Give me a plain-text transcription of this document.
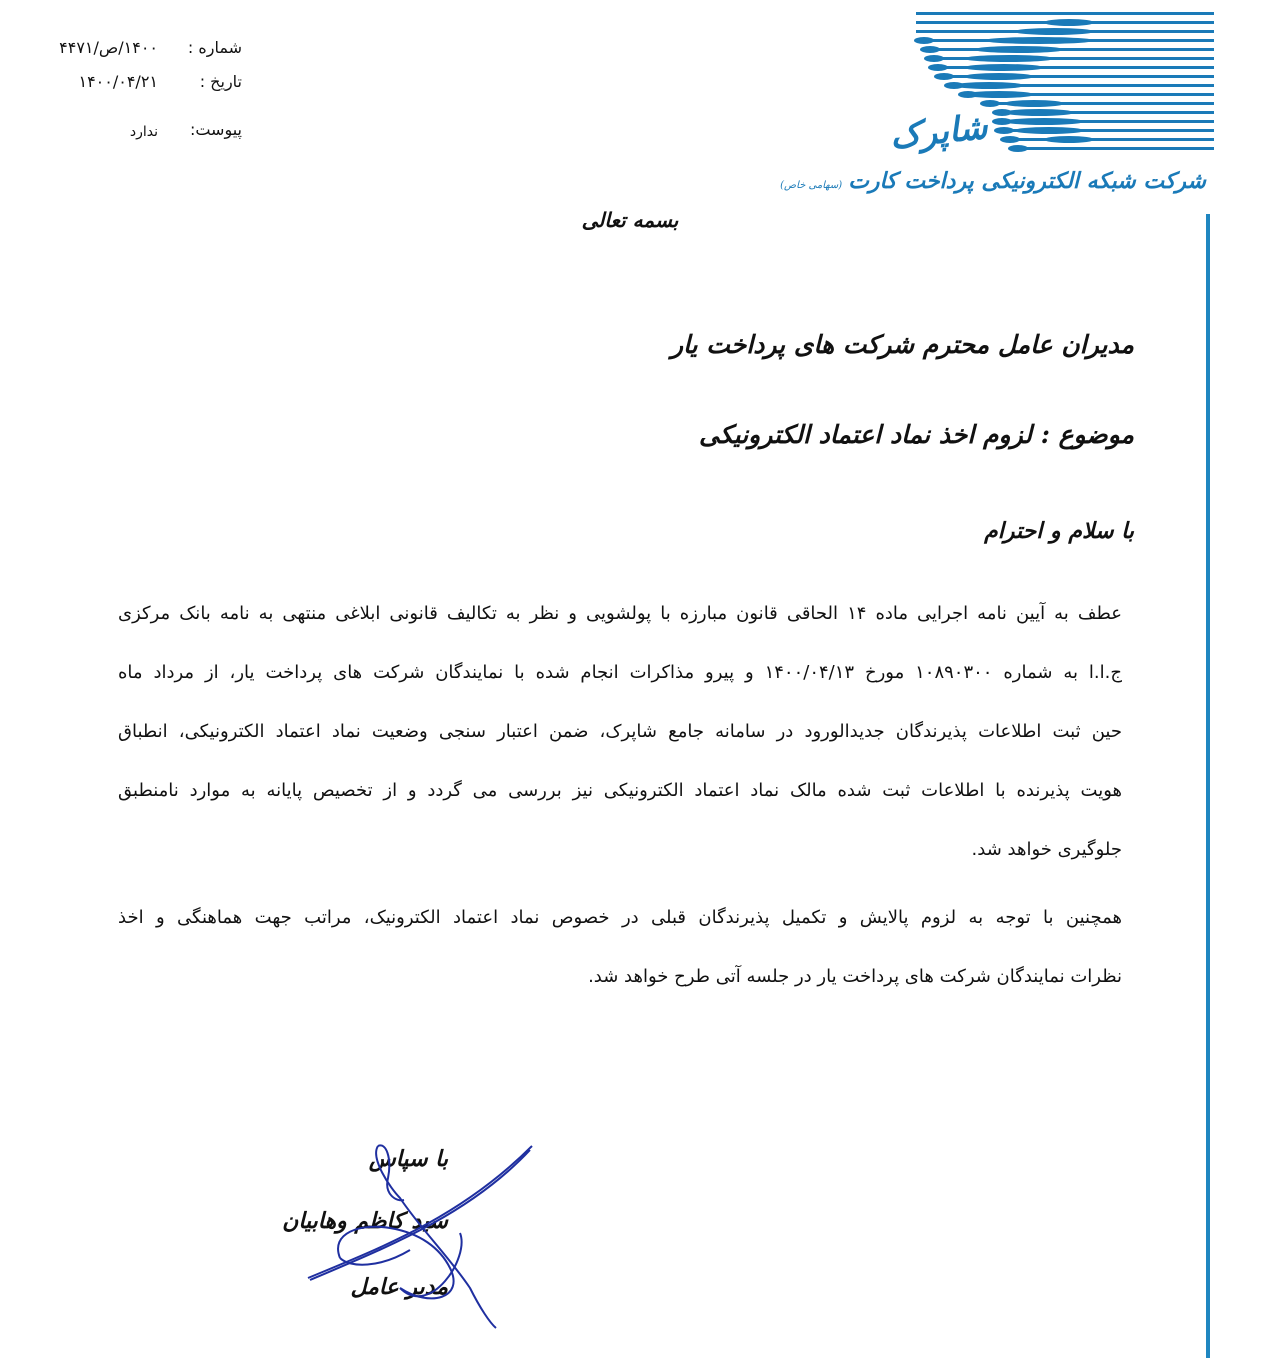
شاپرک
شرکت شبکه الکترونیکی پرداخت کارت(سهامی خاص)
شماره :
۱۴۰۰/ص/۴۴۷۱
تاریخ :
۱۴۰۰/۰۴/۲۱
پیوست:
ندارد
بسمه تعالی
مدیران عامل محترم شرکت های پرداخت یار
موضوع : لزوم اخذ نماد اعتماد الکترونیکی
با سلام و احترام
عطف به آیین نامه اجرایی ماده ۱۴ الحاقی قانون مبارزه با پولشویی و نظر به تکالیف قانونی ابلاغی منتهی به نامه بانک مرکزی
ج.ا.ا به شماره ۱۰۸۹۰۳۰۰ مورخ ۱۴۰۰/۰۴/۱۳ و پیرو مذاکرات انجام شده با نمایندگان شرکت های پرداخت یار، از مرداد ماه
حین ثبت اطلاعات پذیرندگان جدیدالورود در سامانه جامع شاپرک، ضمن اعتبار سنجی وضعیت نماد اعتماد الکترونیکی، انطباق
هویت پذیرنده با اطلاعات ثبت شده مالک نماد اعتماد الکترونیکی نیز بررسی می گردد و از تخصیص پایانه به موارد نامنطبق
جلوگیری خواهد شد.
همچنین با توجه به لزوم پالایش و تکمیل پذیرندگان قبلی در خصوص نماد اعتماد الکترونیک، مراتب جهت هماهنگی و اخذ
نظرات نمایندگان شرکت های پرداخت یار در جلسه آتی طرح خواهد شد.
با سپاس
سید کاظم وهابیان
مدیر عامل
